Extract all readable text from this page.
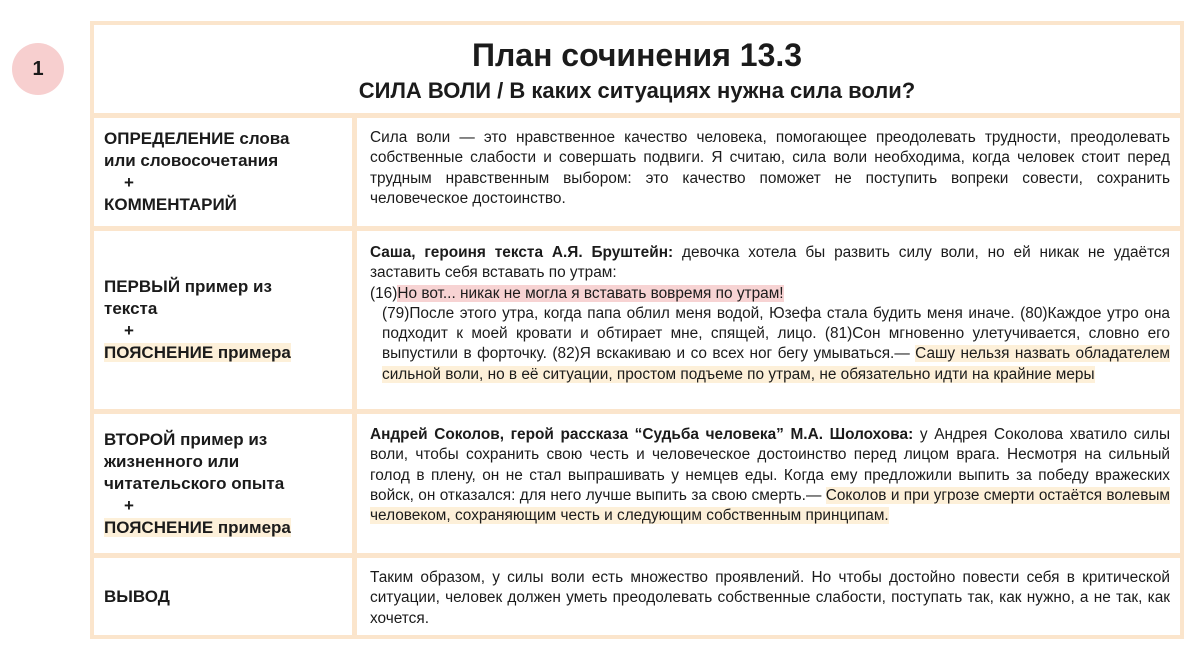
1	План сочинения 13.3
СИЛА ВОЛИ / В каких ситуациях нужна сила воли?
ОПРЕДЕЛЕНИЕ слова
или словосочетания
+
КОММЕНТАРИЙ
Сила воли — это нравственное качество человека, помогающее преодолевать трудности, преодолевать собственные слабости и совершать подвиги. Я считаю, сила воли необходима, когда человек стоит перед трудным нравственным выбором: это качество поможет не поступить вопреки совести, сохранить человеческое достоинство.
ПЕРВЫЙ пример из
текста
+
ПОЯСНЕНИЕ примера
Саша, героиня текста А.Я. Бруштейн: девочка хотела бы развить силу воли, но ей никак не удаётся заставить себя вставать по утрам:
(16)Но вот... никак не могла я вставать вовремя по утрам!
(79)После этого утра, когда папа облил меня водой, Юзефа стала будить меня иначе. (80)Каждое утро она подходит к моей кровати и обтирает мне, спящей, лицо. (81)Сон мгновенно улетучивается, словно его выпустили в форточку. (82)Я вскакиваю и со всех ног бегу умываться.— Сашу нельзя назвать обладателем сильной воли, но в её ситуации, простом подъеме по утрам, не обязательно идти на крайние меры
ВТОРОЙ пример из
жизненного или
читательского опыта
+
ПОЯСНЕНИЕ примера
Андрей Соколов, герой рассказа “Судьба человека” М.А. Шолохова: у Андрея Соколова хватило силы воли, чтобы сохранить свою честь и человеческое достоинство перед лицом врага. Несмотря на сильный голод в плену, он не стал выпрашивать у немцев еды. Когда ему предложили выпить за победу вражеских войск, он отказался: для него лучше выпить за свою смерть.— Соколов и при угрозе смерти остаётся волевым человеком, сохраняющим честь и следующим собственным принципам.
ВЫВОД
Таким образом, у силы воли есть множество проявлений. Но чтобы достойно повести себя в критической ситуации, человек должен уметь преодолевать собственные слабости, поступать так, как нужно, а не так, как хочется.
